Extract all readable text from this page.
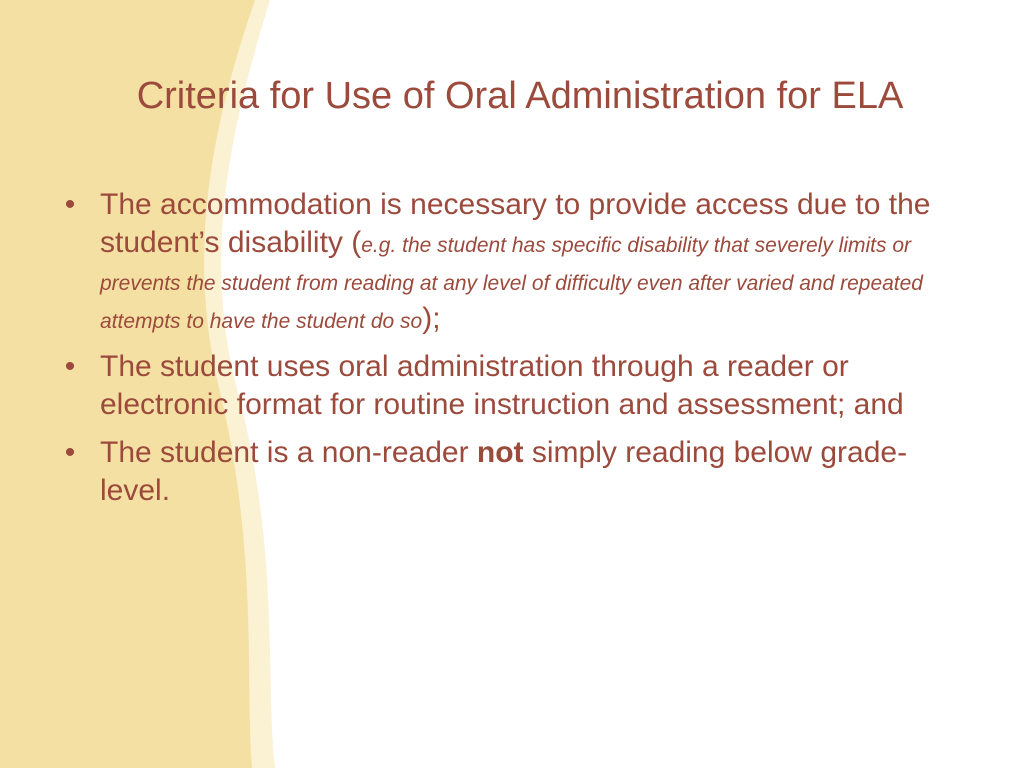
Criteria for Use of Oral Administration for ELA
• The accommodation is necessary to provide access due to the student’s disability (e.g. the student has specific disability that severely limits or prevents the student from reading at any level of difficulty even after varied and repeated attempts to have the student do so);
• The student uses oral administration through a reader or electronic format for routine instruction and assessment; and
• The student is a non-reader not simply reading below grade-level.
